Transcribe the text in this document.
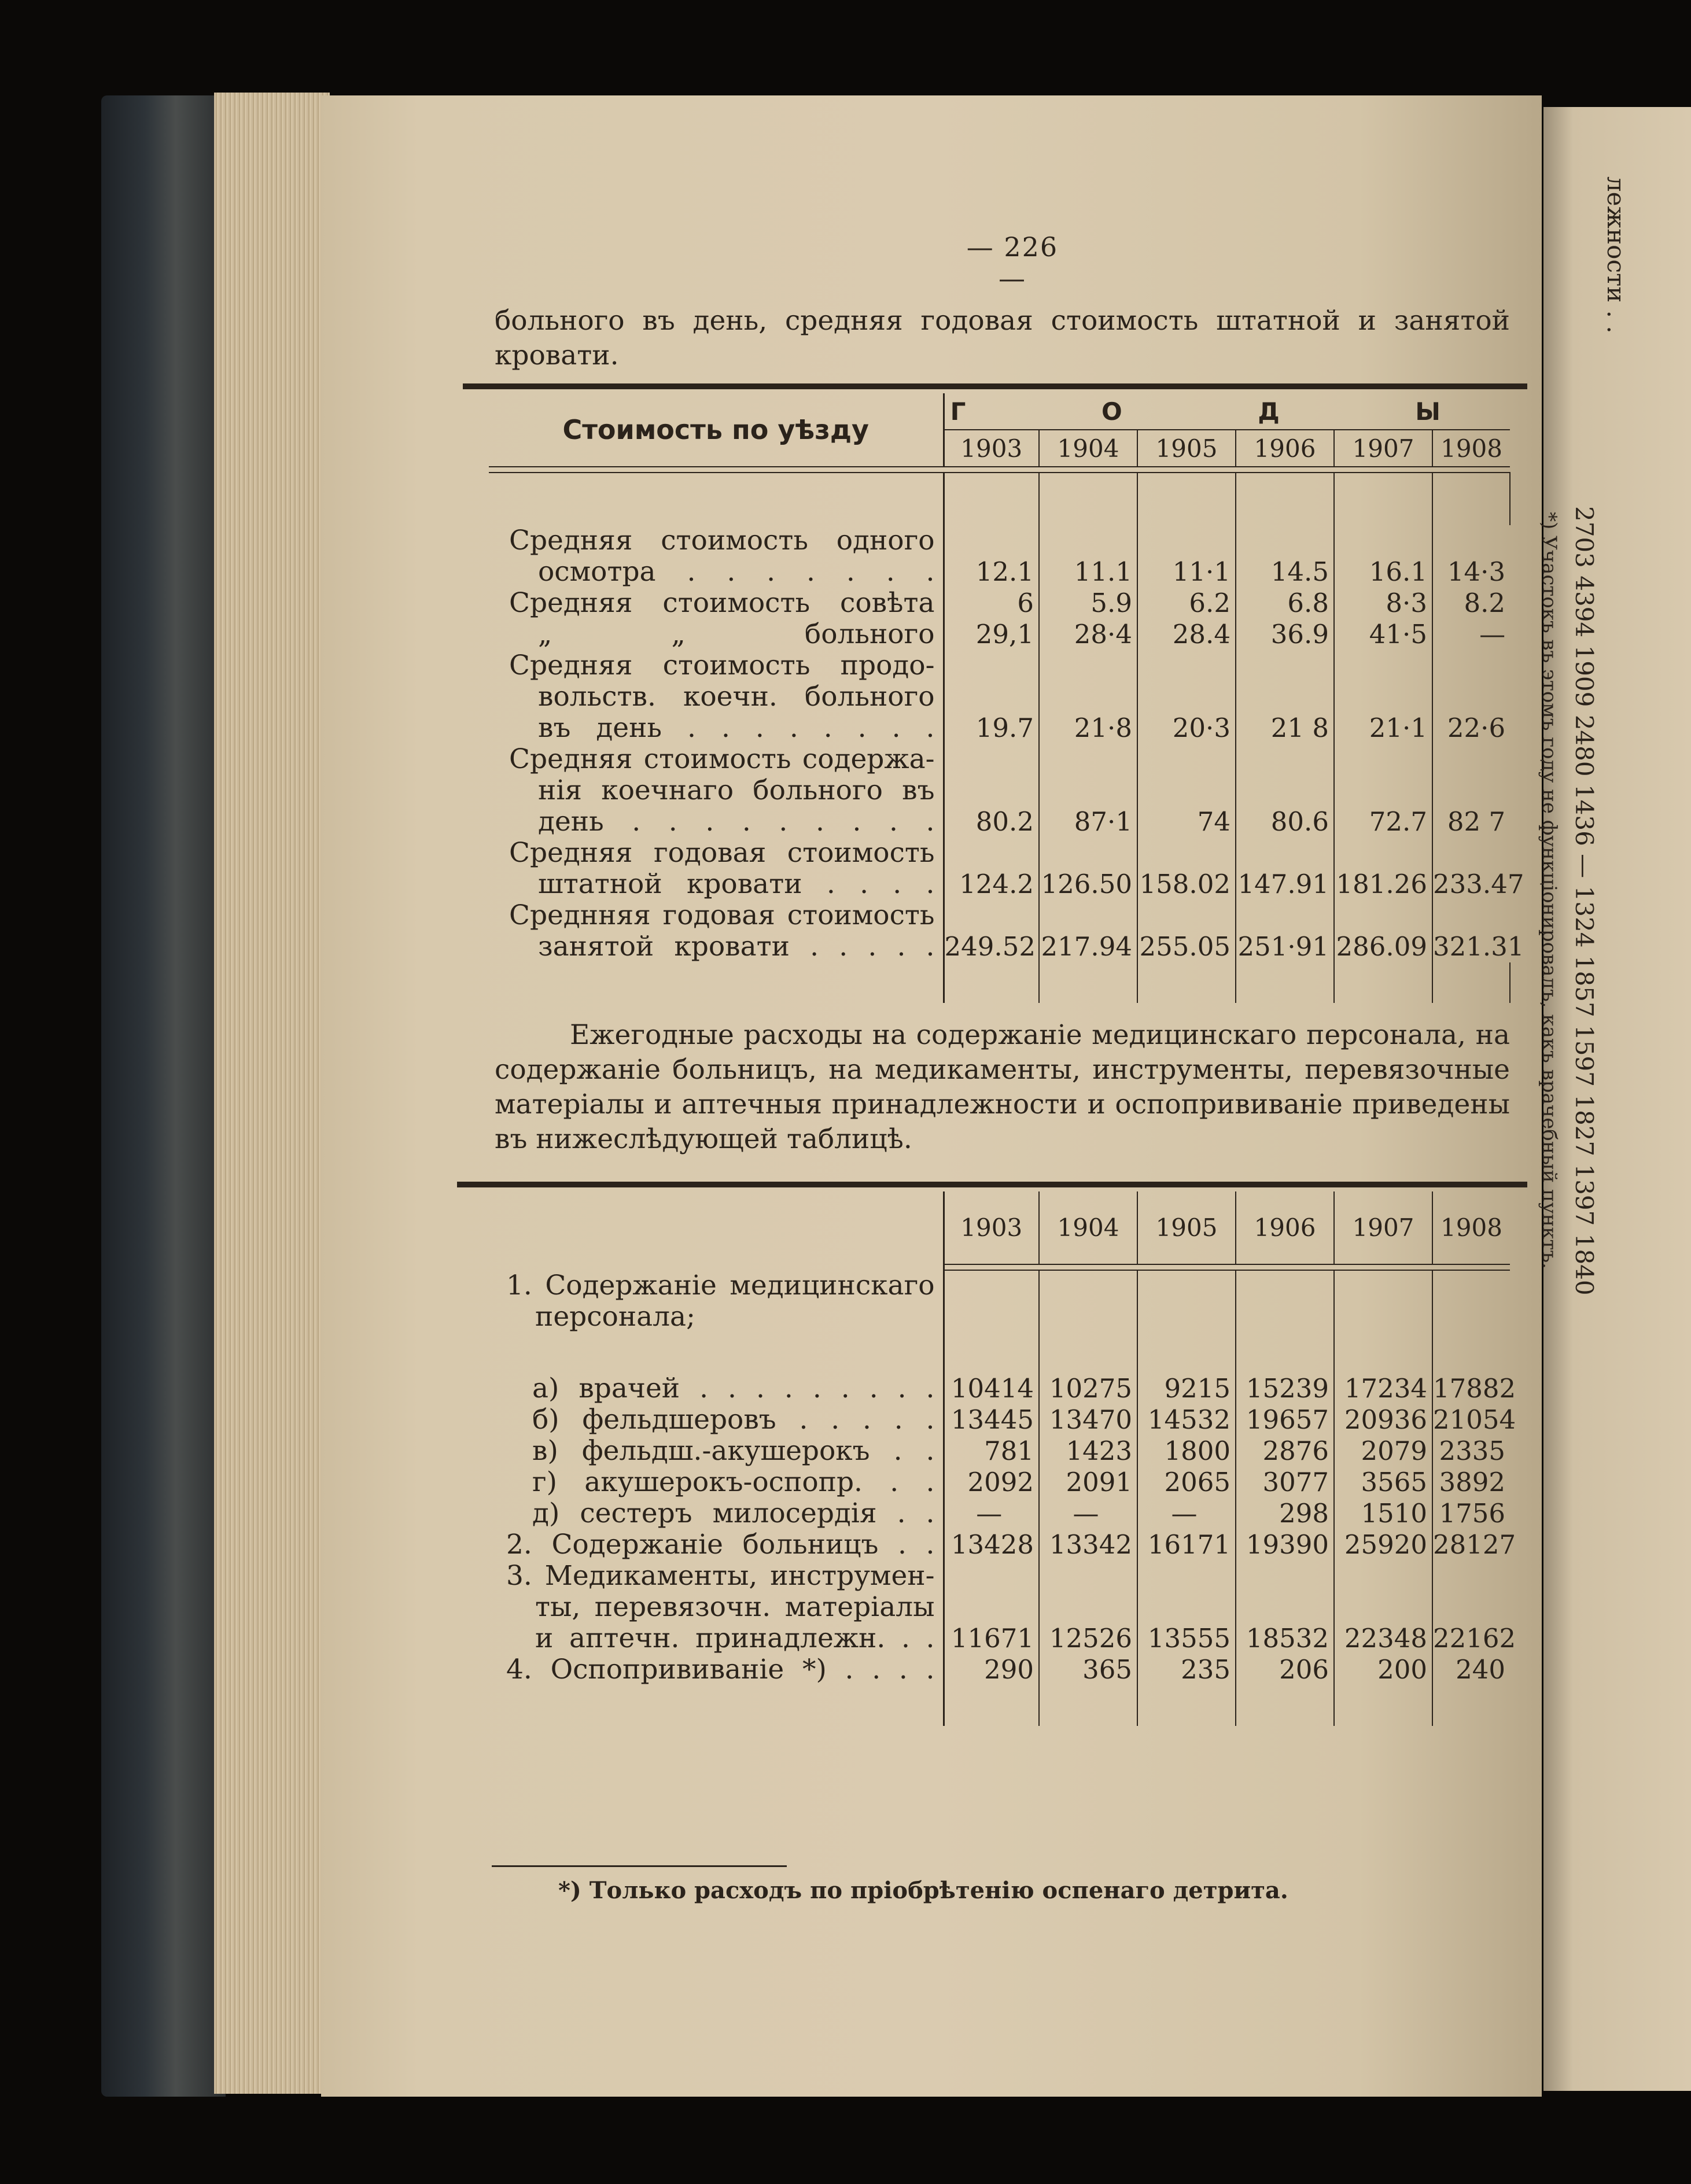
лежности . .
2703 4394 1909 2480 1436 — 1324 1857 1597 1827 1397 1840
*) Участокъ въ этомъ году не функціонировалъ, какъ врачебный пунктъ.
— 226 —

больного въ день, средняя годовая стоимость штатной и занятой кровати.

Стоимость по уѣзду	Г О Д Ы					
	1903	1904	1905	1906	1907	1908

Средняя стоимость одного
осмотра . . . . . . .	12.1	11.1	11·1	14.5	16.1	14·3
Средняя стоимость совѣта	6	5.9	6.2	6.8	8·3	8.2
„ „ больного	29,1	28·4	28.4	36.9	41·5	—
Средняя стоимость продо-
вольств. коечн. больного
въ день . . . . . . . .	19.7	21·8	20·3	21 8	21·1	22·6
Средняя стоимость содержа-
нія коечнаго больного въ
день . . . . . . . . .	80.2	87·1	74	80.6	72.7	82 7
Средняя годовая стоимость
штатной кровати . . . .	124.2	126.50	158.02	147.91	181.26	233.47
Среднняя годовая стоимость
занятой кровати . . . . .	249.52	217.94	255.05	251·91	286.09	321.31

Ежегодные расходы на содержаніе медицинскаго персонала, на содержаніе больницъ, на медикаменты, инструменты, перевязочные матеріалы и аптечныя принадлежности и оспопрививаніе приведены въ нижеслѣдующей таблицѣ.

	1903	1904	1905	1906	1907	1908

1. Содержаніе медицинскаго
персонала;						

а) врачей . . . . . . . . .	10414	10275	9215	15239	17234	17882
б) фельдшеровъ . . . . .	13445	13470	14532	19657	20936	21054
в) фельдш.-акушерокъ . .	781	1423	1800	2876	2079	2335
г) акушерокъ-оспопр. . .	2092	2091	2065	3077	3565	3892
д) сестеръ милосердія . .	—	—	—	298	1510	1756
2. Содержаніе больницъ . .	13428	13342	16171	19390	25920	28127
3. Медикаменты, инструмен-
ты, перевязочн. матеріалы
и аптечн. принадлежн. . .	11671	12526	13555	18532	22348	22162
4. Оспопрививаніе *) . . . .	290	365	235	206	200	240

*) Только расходъ по пріобрѣтенію оспенаго детрита.
